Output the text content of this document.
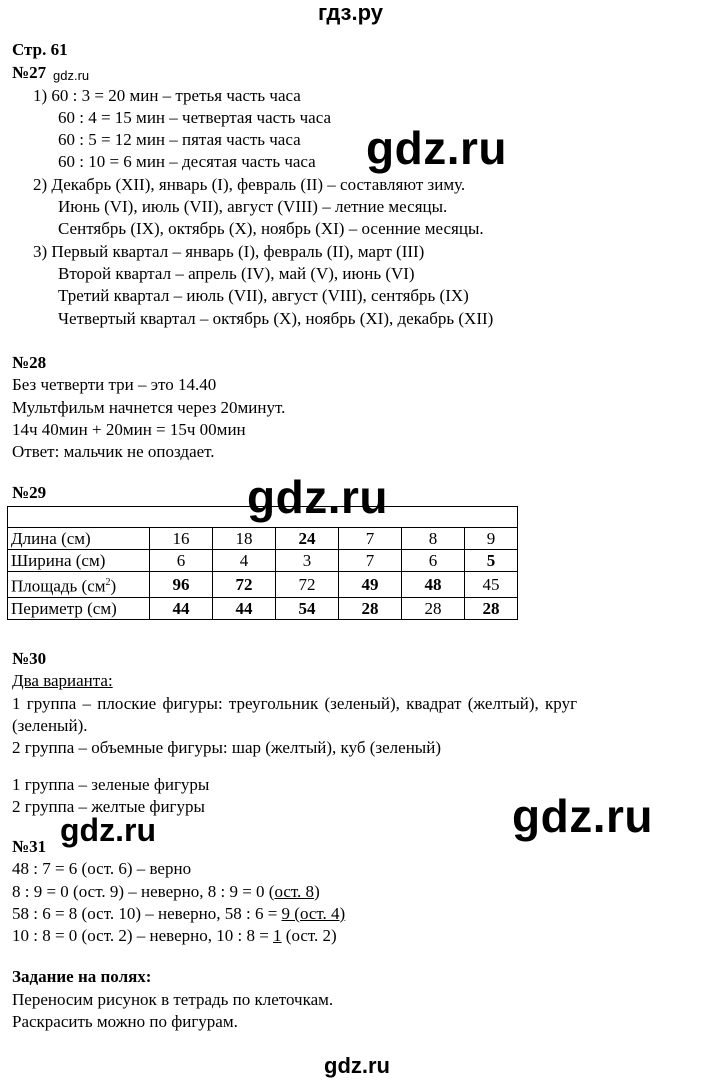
гдз.ру
Стр. 61
№27 gdz.ru
1) 60 : 3 = 20 мин – третья часть часа
60 : 4 = 15 мин – четвертая часть часа
60 : 5 = 12 мин – пятая часть часа
60 : 10 = 6 мин – десятая часть часа
2) Декабрь (XII), январь (I), февраль (II) – составляют зиму.
Июнь (VI), июль (VII), август (VIII) – летние месяцы.
Сентябрь (IX), октябрь (X), ноябрь (XI) – осенние месяцы.
3) Первый квартал – январь (I), февраль (II), март (III)
Второй квартал – апрель (IV), май (V), июнь (VI)
Третий квартал – июль (VII), август (VIII), сентябрь (IX)
Четвертый квартал – октябрь (X), ноябрь (XI), декабрь (XII)
gdz.ru
№28
Без четверти три – это 14.40
Мультфильм начнется через 20минут.
14ч 40мин + 20мин = 15ч 00мин
Ответ: мальчик не опоздает.
№29	gdz.ru

Длина (см)	16	18	24	7	8	9
Ширина (см)	6	4	3	7	6	5
Площадь $(см^2)$	96	72	72	49	48	45
Периметр (см)	44	44	54	28	28	28
№30
Два варианта:
1 группа – плоские фигуры: треугольник (зеленый), квадрат (желтый), круг
(зеленый).
2 группа – объемные фигуры: шар (желтый), куб (зеленый)
1 группа – зеленые фигуры
2 группа – желтые фигуры	gdz.ru
№31 gdz.ru
48 : 7 = 6 (ост. 6) – верно
8 : 9 = 0 (ост. 9) – неверно, 8 : 9 = 0 (ост. 8)
58 : 6 = 8 (ост. 10) – неверно, 58 : 6 = 9 (ост. 4)
10 : 8 = 0 (ост. 2) – неверно, 10 : 8 = 1 (ост. 2)
Задание на полях:
Переносим рисунок в тетрадь по клеточкам.
Раскрасить можно по фигурам.
gdz.ru
